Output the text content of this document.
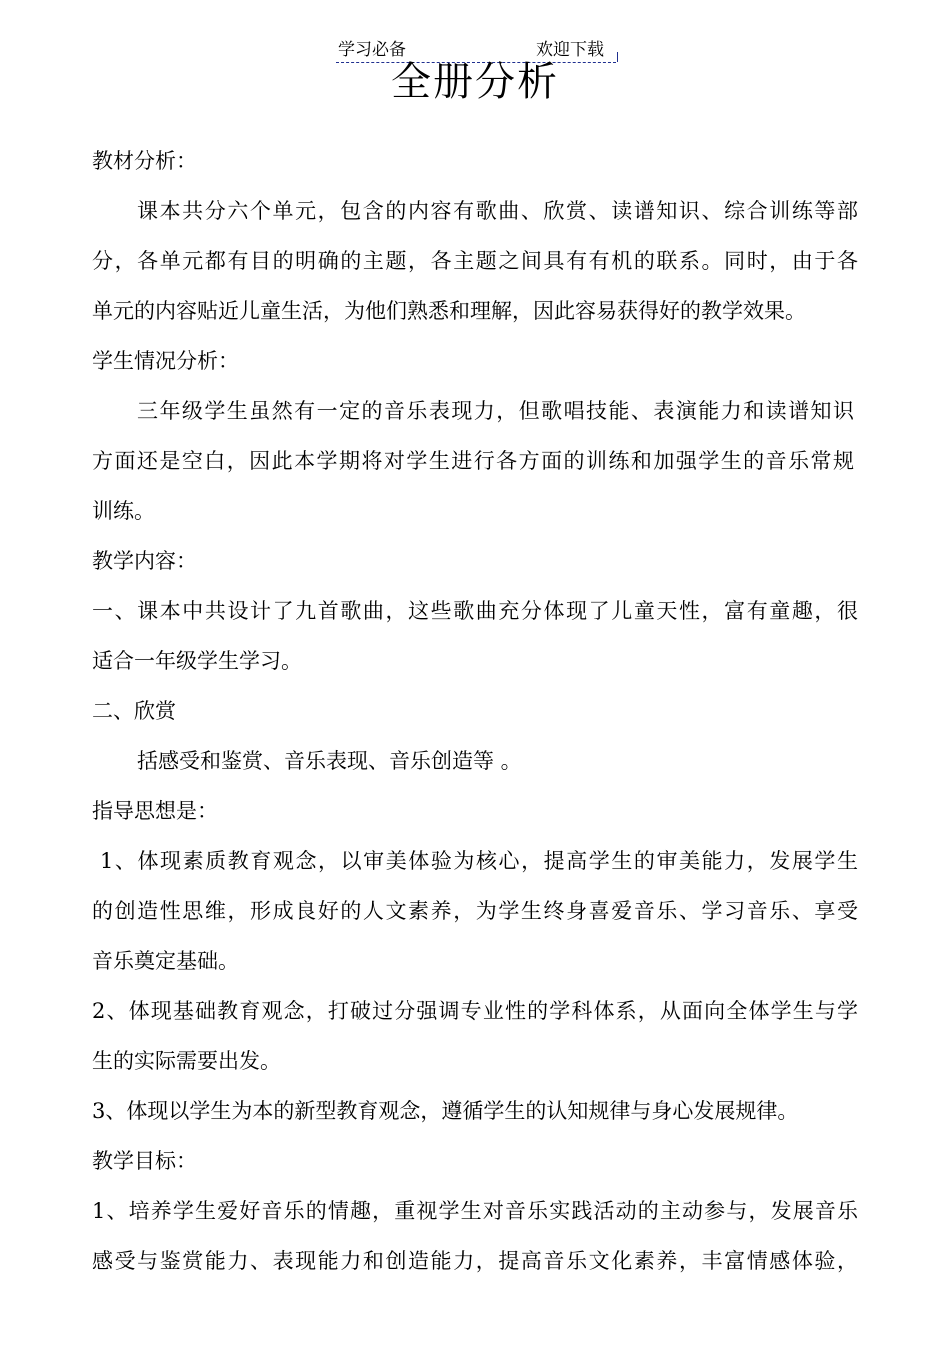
学习必备	欢迎下载
全册分析
教材分析：
课本共分六个单元，包含的内容有歌曲、欣赏、读谱知识、综合训练等部
分，各单元都有目的明确的主题，各主题之间具有有机的联系。同时，由于各
单元的内容贴近儿童生活，为他们熟悉和理解，因此容易获得好的教学效果。
学生情况分析：
三年级学生虽然有一定的音乐表现力，但歌唱技能、表演能力和读谱知识
方面还是空白，因此本学期将对学生进行各方面的训练和加强学生的音乐常规
训练。
教学内容：
一、课本中共设计了九首歌曲，这些歌曲充分体现了儿童天性，富有童趣，很
适合一年级学生学习。
二、欣赏
括感受和鉴赏、音乐表现、音乐创造等 。
指导思想是：
1、体现素质教育观念，以审美体验为核心，提高学生的审美能力，发展学生
的创造性思维，形成良好的人文素养，为学生终身喜爱音乐、学习音乐、享受
音乐奠定基础。
2、体现基础教育观念，打破过分强调专业性的学科体系，从面向全体学生与学
生的实际需要出发。
3、体现以学生为本的新型教育观念，遵循学生的认知规律与身心发展规律。
教学目标：
1、培养学生爱好音乐的情趣，重视学生对音乐实践活动的主动参与，发展音乐
感受与鉴赏能力、表现能力和创造能力，提高音乐文化素养，丰富情感体验，
